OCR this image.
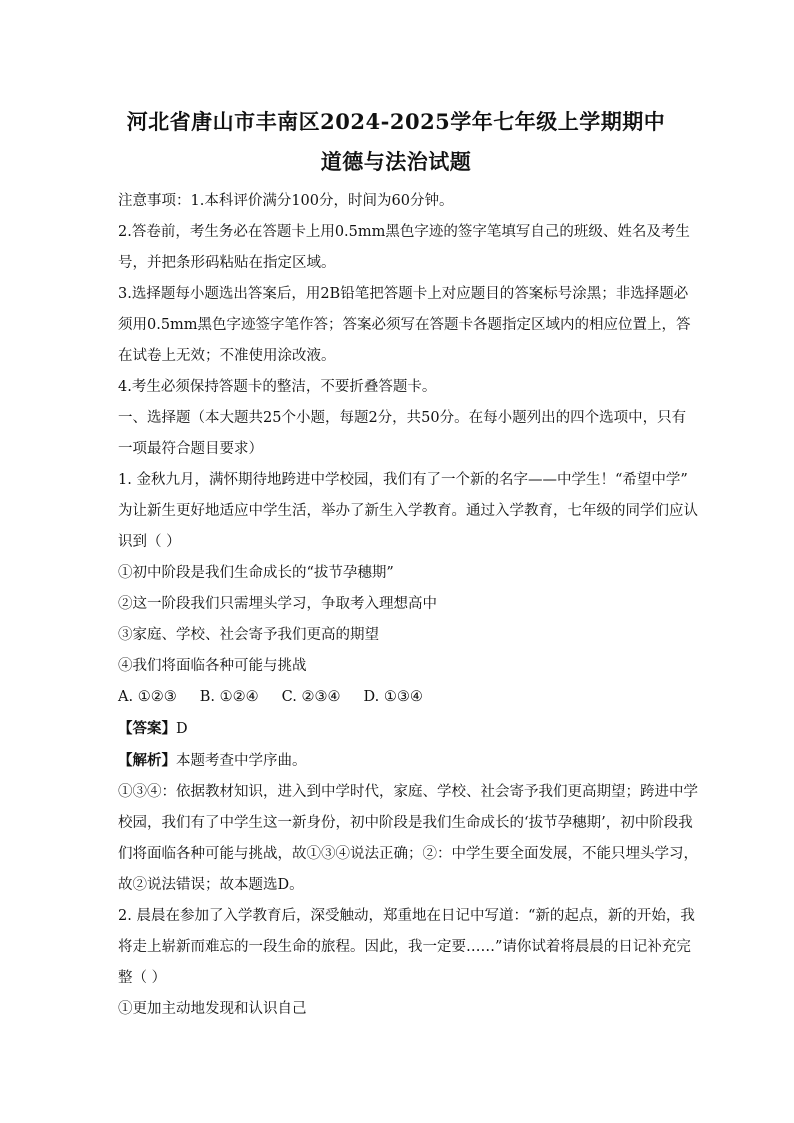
河北省唐山市丰南区2024-2025学年七年级上学期期中

道德与法治试题

注意事项：1.本科评价满分100分，时间为60分钟。

2.答卷前，考生务必在答题卡上用0.5mm黑色字迹的签字笔填写自己的班级、姓名及考生

号，并把条形码粘贴在指定区域。

3.选择题每小题选出答案后，用2B铅笔把答题卡上对应题目的答案标号涂黑；非选择题必

须用0.5mm黑色字迹签字笔作答；答案必须写在答题卡各题指定区域内的相应位置上，答

在试卷上无效；不准使用涂改液。

4.考生必须保持答题卡的整洁，不要折叠答题卡。

一、选择题（本大题共25个小题，每题2分，共50分。在每小题列出的四个选项中，只有

一项最符合题目要求）

1. 金秋九月，满怀期待地跨进中学校园，我们有了一个新的名字——中学生！“希望中学”

为让新生更好地适应中学生活，举办了新生入学教育。通过入学教育，七年级的同学们应认

识到（ ）

①初中阶段是我们生命成长的“拔节孕穗期”

②这一阶段我们只需埋头学习，争取考入理想高中

③家庭、学校、社会寄予我们更高的期望

④我们将面临各种可能与挑战

A. ①②③     B. ①②④     C. ②③④     D. ①③④

【答案】D

【解析】本题考查中学序曲。

①③④：依据教材知识，进入到中学时代，家庭、学校、社会寄予我们更高期望；跨进中学

校园，我们有了中学生这一新身份，初中阶段是我们生命成长的‘拔节孕穗期’，初中阶段我

们将面临各种可能与挑战，故①③④说法正确；②：中学生要全面发展，不能只埋头学习，

故②说法错误；故本题选D。

2. 晨晨在参加了入学教育后，深受触动，郑重地在日记中写道：“新的起点，新的开始，我

将走上崭新而难忘的一段生命的旅程。因此，我一定要……”请你试着将晨晨的日记补充完

整（ ）

①更加主动地发现和认识自己
